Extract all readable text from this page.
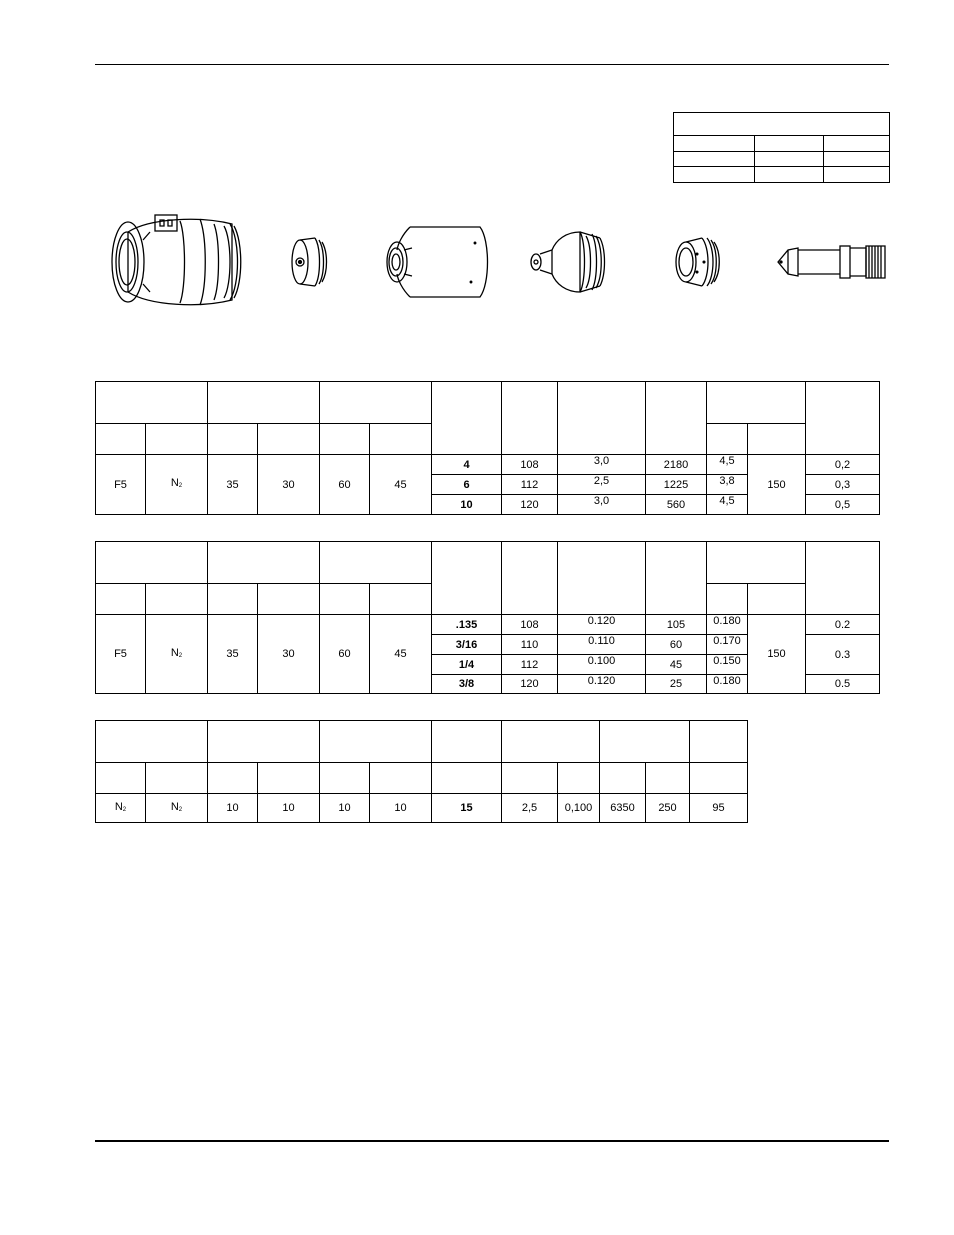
F5	$N_2$	35	30	60	45	4	108	3,0	2180	4,5	150	0,2
						6	112	2,5	1225	3,8		0,3
						10	120	3,0	560	4,5		0,5

F5	$N_2$	35	30	60	45	.135	108	0.120	105	0.180	150	0.2
						3/16	110	0.110	60	0.170		0.3
						1/4	112	0.100	45	0.150		
						3/8	120	0.120	25	0.180		0.5

$N_2$	$N_2$	10	10	10	10	15	2,5	0,100	6350	250	95
